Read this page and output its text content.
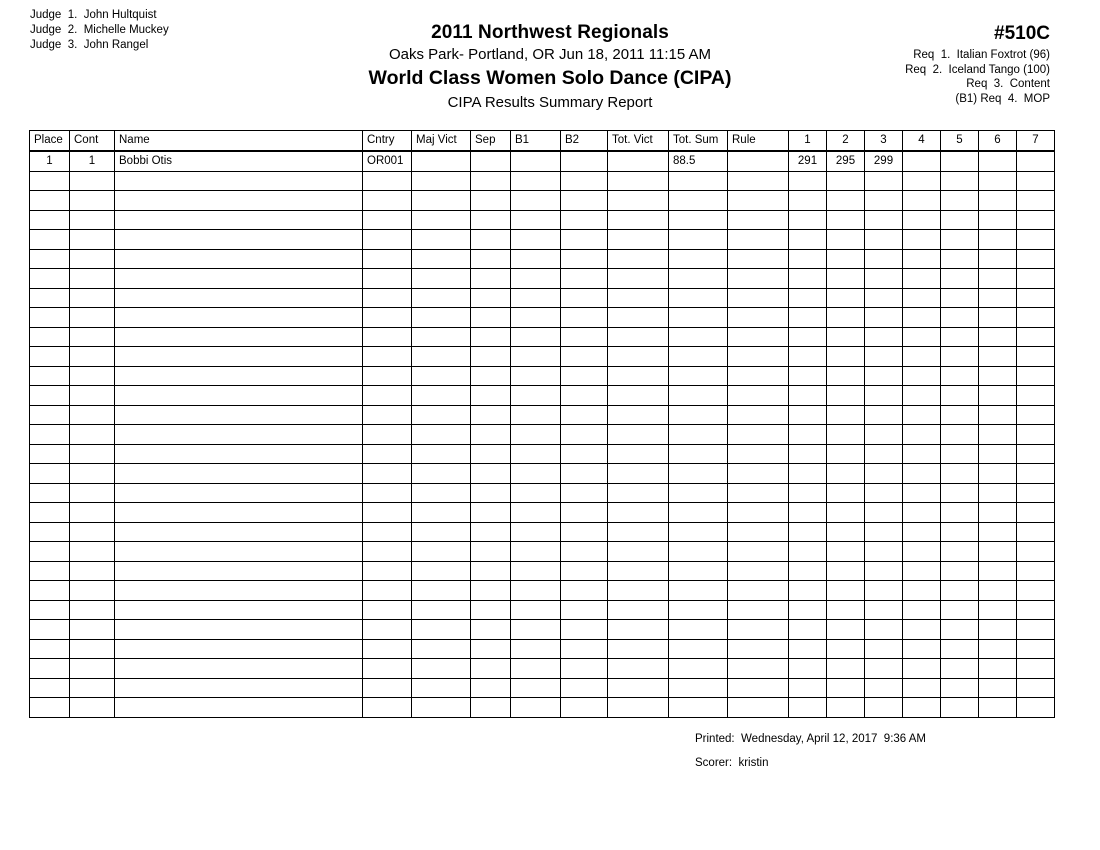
Judge  1.  John Hultquist
Judge  2.  Michelle Muckey
Judge  3.  John Rangel
2011 Northwest Regionals
Oaks Park- Portland, OR Jun 18, 2011 11:15 AM
World Class Women Solo Dance (CIPA)
CIPA Results Summary Report
#510C
Req  1.  Italian Foxtrot (96)
Req  2.  Iceland Tango (100)
Req  3.  Content
(B1) Req  4.  MOP
Place	Cont	Name	Cntry	Maj Vict	Sep	B1	B2	Tot. Vict	Tot. Sum	Rule	1	2	3	4	5	6	7
1	1	Bobbi Otis	OR001						88.5		291	295	299				

Printed:  Wednesday, April 12, 2017  9:36 AM
Scorer:  kristin
